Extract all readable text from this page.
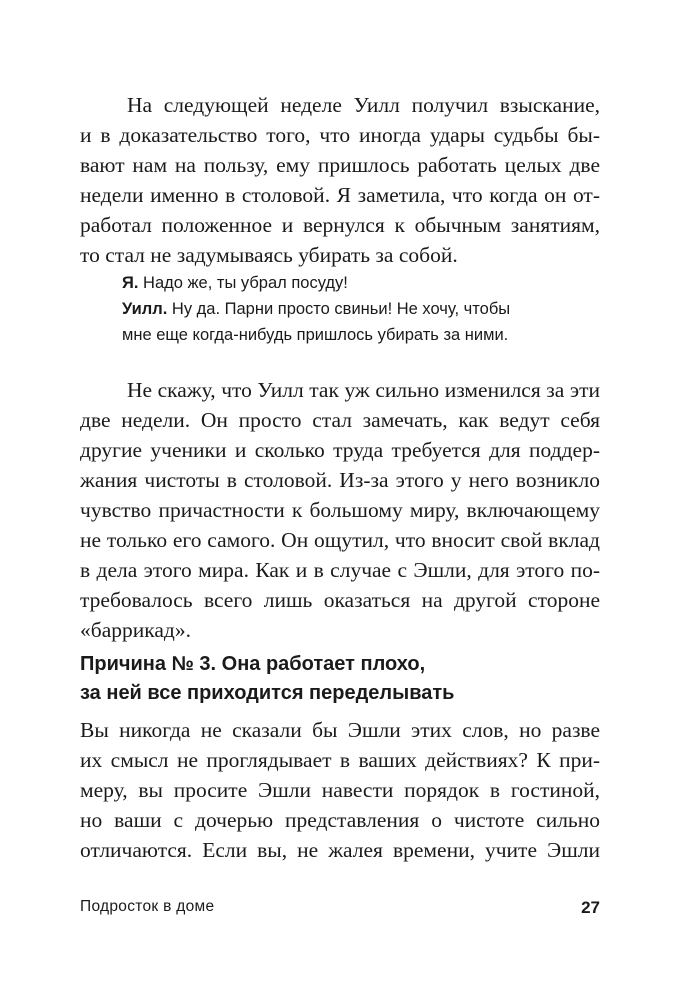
На следующей неделе Уилл получил взыскание,
и в доказательство того, что иногда удары судьбы бы-
вают нам на пользу, ему пришлось работать целых две
недели именно в столовой. Я заметила, что когда он от-
работал положенное и вернулся к обычным занятиям,
то стал не задумываясь убирать за собой.
Я. Надо же, ты убрал посуду!
Уилл. Ну да. Парни просто свиньи! Не хочу, чтобы
мне еще когда-нибудь пришлось убирать за ними.
Не скажу, что Уилл так уж сильно изменился за эти
две недели. Он просто стал замечать, как ведут себя
другие ученики и сколько труда требуется для поддер-
жания чистоты в столовой. Из-за этого у него возникло
чувство причастности к большому миру, включающему
не только его самого. Он ощутил, что вносит свой вклад
в дела этого мира. Как и в случае с Эшли, для этого по-
требовалось всего лишь оказаться на другой стороне
«баррикад».
Причина № 3. Она работает плохо,
за ней все приходится переделывать
Вы никогда не сказали бы Эшли этих слов, но разве
их смысл не проглядывает в ваших действиях? К при-
меру, вы просите Эшли навести порядок в гостиной,
но ваши с дочерью представления о чистоте сильно
отличаются. Если вы, не жалея времени, учите Эшли
Подросток в доме	27
